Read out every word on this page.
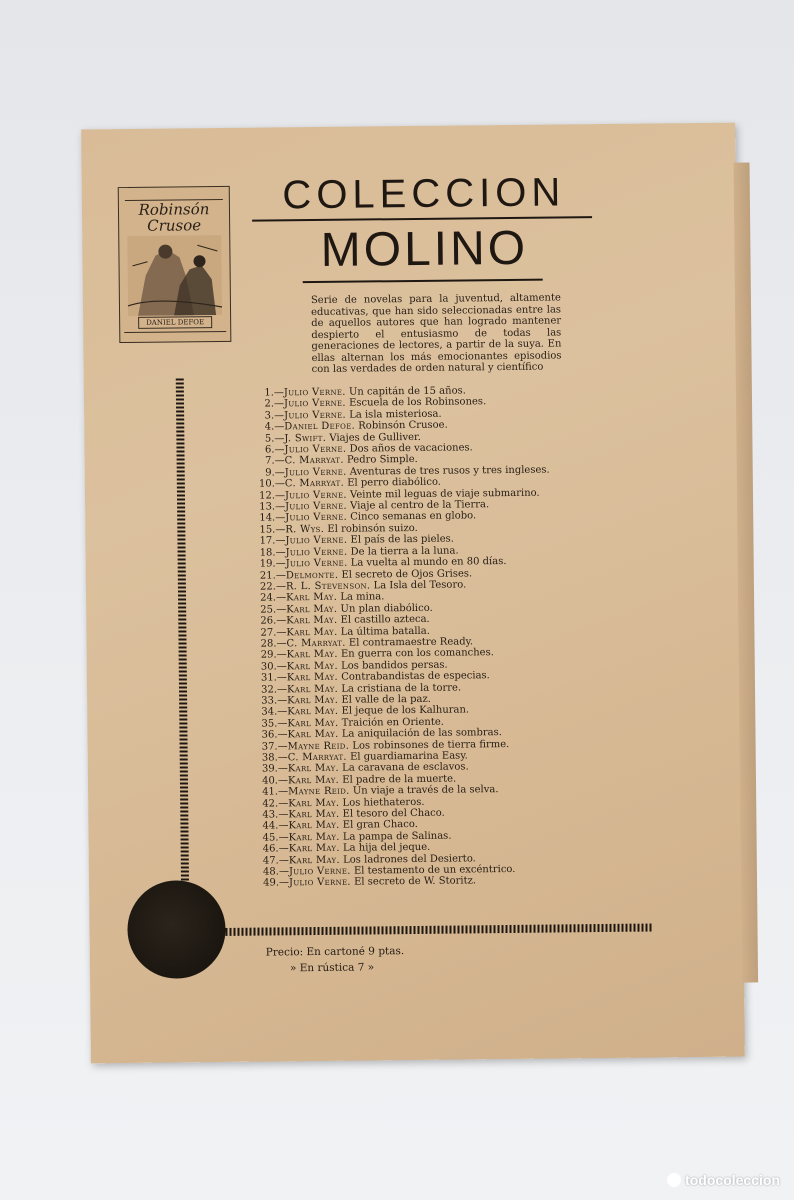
Robinsón Crusoe
DANIEL DEFOE
COLECCION
MOLINO
Serie de novelas para la juventud, altamente educativas, que han sido seleccionadas entre las de aquellos autores que han logrado mantener despierto el entusiasmo de todas las generaciones de lectores, a partir de la suya. En ellas alternan los más emocionantes episodios con las verdades de orden natural y científico
1.—Julio Verne. Un capitán de 15 años.
2.—Julio Verne. Escuela de los Robinsones.
3.—Julio Verne. La isla misteriosa.
4.—Daniel Defoe. Robinsón Crusoe.
5.—J. Swift. Viajes de Gulliver.
6.—Julio Verne. Dos años de vacaciones.
7.—C. Marryat. Pedro Simple.
9.—Julio Verne. Aventuras de tres rusos y tres ingleses.
10.—C. Marryat. El perro diabólico.
12.—Julio Verne. Veinte mil leguas de viaje submarino.
13.—Julio Verne. Viaje al centro de la Tierra.
14.—Julio Verne. Cinco semanas en globo.
15.—R. Wys. El robinsón suizo.
17.—Julio Verne. El país de las pieles.
18.—Julio Verne. De la tierra a la luna.
19.—Julio Verne. La vuelta al mundo en 80 días.
21.—Delmonte. El secreto de Ojos Grises.
22.—R. L. Stevenson. La Isla del Tesoro.
24.—Karl May. La mina.
25.—Karl May. Un plan diabólico.
26.—Karl May. El castillo azteca.
27.—Karl May. La última batalla.
28.—C. Marryat. El contramaestre Ready.
29.—Karl May. En guerra con los comanches.
30.—Karl May. Los bandidos persas.
31.—Karl May. Contrabandistas de especias.
32.—Karl May. La cristiana de la torre.
33.—Karl May. El valle de la paz.
34.—Karl May. El jeque de los Kalhuran.
35.—Karl May. Traición en Oriente.
36.—Karl May. La aniquilación de las sombras.
37.—Mayne Reid. Los robinsones de tierra firme.
38.—C. Marryat. El guardiamarina Easy.
39.—Karl May. La caravana de esclavos.
40.—Karl May. El padre de la muerte.
41.—Mayne Reid. Un viaje a través de la selva.
42.—Karl May. Los hiethateros.
43.—Karl May. El tesoro del Chaco.
44.—Karl May. El gran Chaco.
45.—Karl May. La pampa de Salinas.
46.—Karl May. La hija del jeque.
47.—Karl May. Los ladrones del Desierto.
48.—Julio Verne. El testamento de un excéntrico.
49.—Julio Verne. El secreto de W. Storitz.
Precio: En cartoné 9 ptas.
» En rústica 7 »
todocoleccion
